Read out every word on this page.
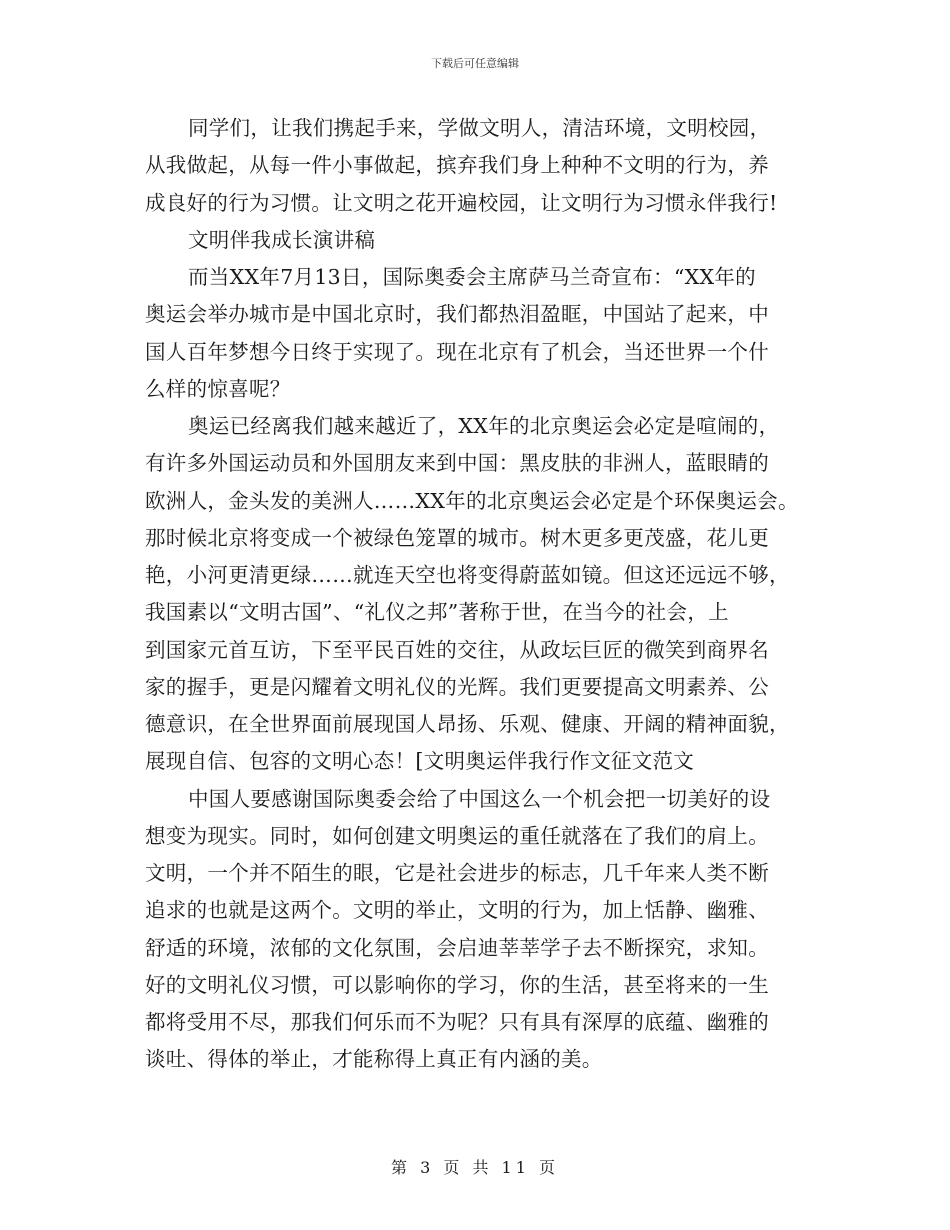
下载后可任意编辑
同学们，让我们携起手来，学做文明人，清洁环境，文明校园，
从我做起，从每一件小事做起，摈弃我们身上种种不文明的行为，养
成良好的行为习惯。让文明之花开遍校园，让文明行为习惯永伴我行!
文明伴我成长演讲稿
而当XX年7月13日，国际奥委会主席萨马兰奇宣布：“XX年的
奥运会举办城市是中国北京时，我们都热泪盈眶，中国站了起来，中
国人百年梦想今日终于实现了。现在北京有了机会，当还世界一个什
么样的惊喜呢？
奥运已经离我们越来越近了，XX年的北京奥运会必定是喧闹的，
有许多外国运动员和外国朋友来到中国：黑皮肤的非洲人，蓝眼睛的
欧洲人，金头发的美洲人……XX年的北京奥运会必定是个环保奥运会。
那时候北京将变成一个被绿色笼罩的城市。树木更多更茂盛，花儿更
艳，小河更清更绿……就连天空也将变得蔚蓝如镜。但这还远远不够，
我国素以“文明古国”、“礼仪之邦”著称于世，在当今的社会，上
到国家元首互访，下至平民百姓的交往，从政坛巨匠的微笑到商界名
家的握手，更是闪耀着文明礼仪的光辉。我们更要提高文明素养、公
德意识，在全世界面前展现国人昂扬、乐观、健康、开阔的精神面貌，
展现自信、包容的文明心态！[文明奥运伴我行作文征文范文
中国人要感谢国际奥委会给了中国这么一个机会把一切美好的设
想变为现实。同时，如何创建文明奥运的重任就落在了我们的肩上。
文明，一个并不陌生的眼，它是社会进步的标志，几千年来人类不断
追求的也就是这两个。文明的举止，文明的行为，加上恬静、幽雅、
舒适的环境，浓郁的文化氛围，会启迪莘莘学子去不断探究，求知。
好的文明礼仪习惯，可以影响你的学习，你的生活，甚至将来的一生
都将受用不尽，那我们何乐而不为呢？只有具有深厚的底蕴、幽雅的
谈吐、得体的举止，才能称得上真正有内涵的美。
第 3 页 共 11 页
